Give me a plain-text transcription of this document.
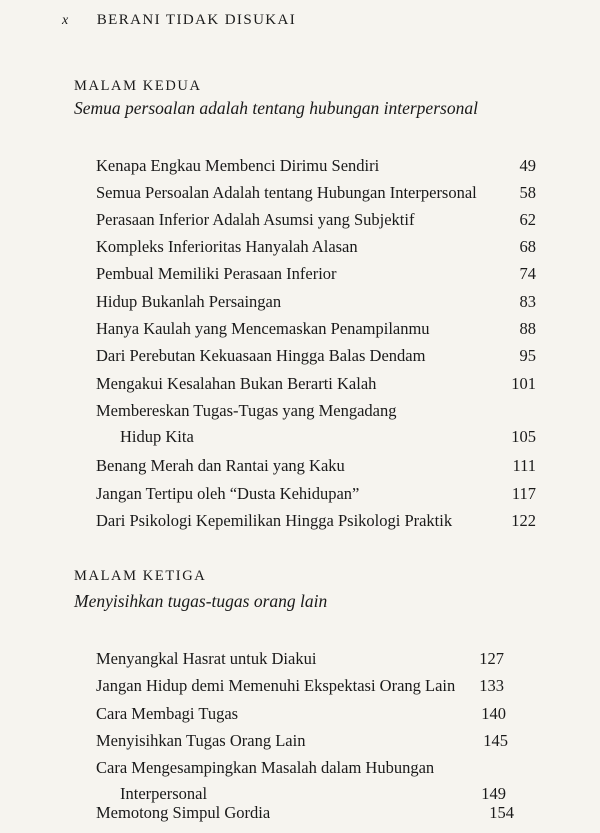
x BERANI TIDAK DISUKAI
MALAM KEDUA
Semua persoalan adalah tentang hubungan interpersonal
Kenapa Engkau Membenci Dirimu Sendiri	49
Semua Persoalan Adalah tentang Hubungan Interpersonal	58
Perasaan Inferior Adalah Asumsi yang Subjektif	62
Kompleks Inferioritas Hanyalah Alasan	68
Pembual Memiliki Perasaan Inferior	74
Hidup Bukanlah Persaingan	83
Hanya Kaulah yang Mencemaskan Penampilanmu	88
Dari Perebutan Kekuasaan Hingga Balas Dendam	95
Mengakui Kesalahan Bukan Berarti Kalah	101
Membereskan Tugas-Tugas yang Mengadang
Hidup Kita	105
Benang Merah dan Rantai yang Kaku	111
Jangan Tertipu oleh “Dusta Kehidupan”	117
Dari Psikologi Kepemilikan Hingga Psikologi Praktik	122
MALAM KETIGA
Menyisihkan tugas-tugas orang lain
Menyangkal Hasrat untuk Diakui	127
Jangan Hidup demi Memenuhi Ekspektasi Orang Lain 133
Cara Membagi Tugas	140
Menyisihkan Tugas Orang Lain	145
Cara Mengesampingkan Masalah dalam Hubungan
Interpersonal	149
Memotong Simpul Gordia	154
